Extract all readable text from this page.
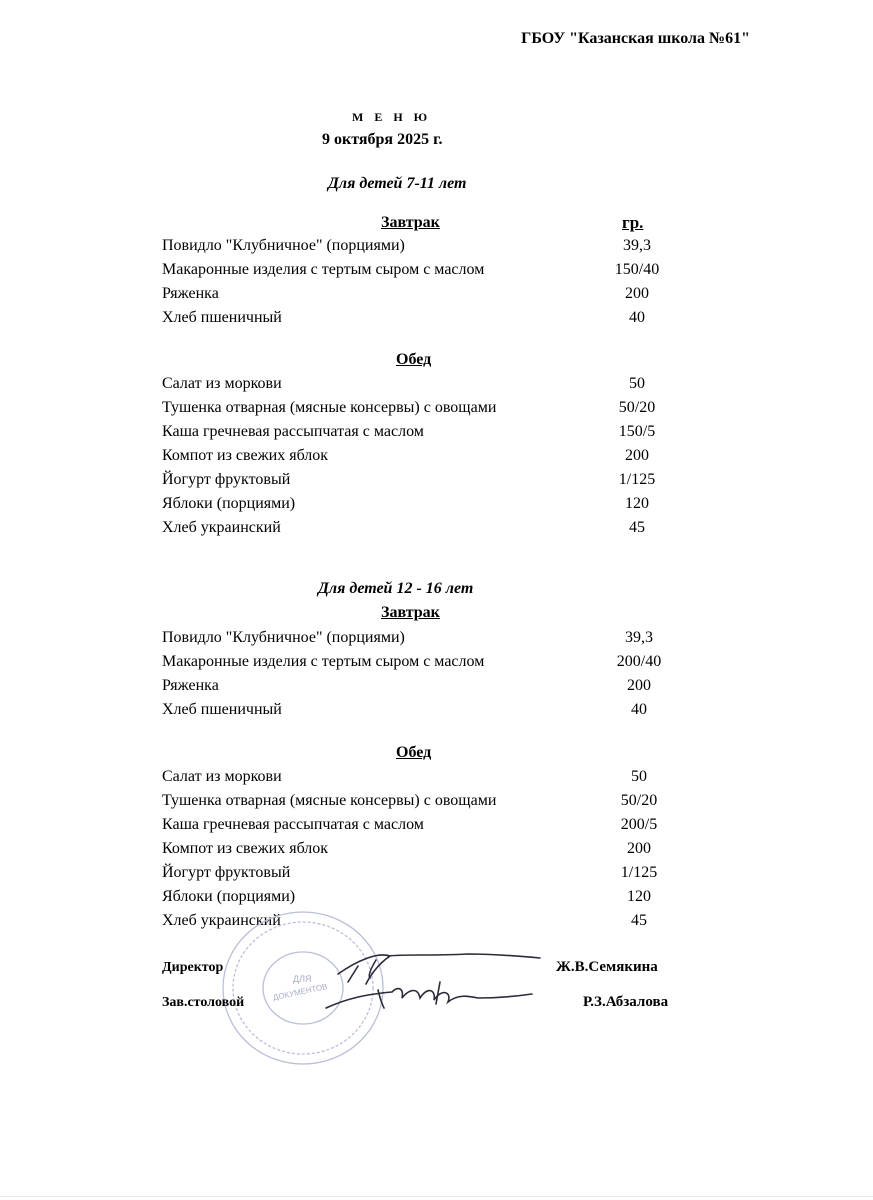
ГБОУ "Казанская школа №61"
М Е Н Ю
9 октября 2025 г.
Для детей 7-11 лет
Завтрак	гр.
Повидло "Клубничное" (порциями)	39,3
Макаронные изделия с тертым сыром с маслом	150/40
Ряженка	200
Хлеб пшеничный	40
Обед
Салат из моркови	50
Тушенка отварная (мясные консервы) с овощами	50/20
Каша гречневая рассыпчатая с маслом	150/5
Компот из свежих яблок	200
Йогурт фруктовый	1/125
Яблоки (порциями)	120
Хлеб украинский	45
Для детей 12 - 16 лет
Завтрак
Повидло "Клубничное" (порциями)	39,3
Макаронные изделия с тертым сыром с маслом	200/40
Ряженка	200
Хлеб пшеничный	40
Обед
Салат из моркови	50
Тушенка отварная (мясные консервы) с овощами	50/20
Каша гречневая рассыпчатая с маслом	200/5
Компот из свежих яблок	200
Йогурт фруктовый	1/125
Яблоки (порциями)	120
Хлеб украинский	45
ДЛЯ
ДОКУМЕНТОВ
Директор	Ж.В.Семякина
Зав.столовой	Р.З.Абзалова
